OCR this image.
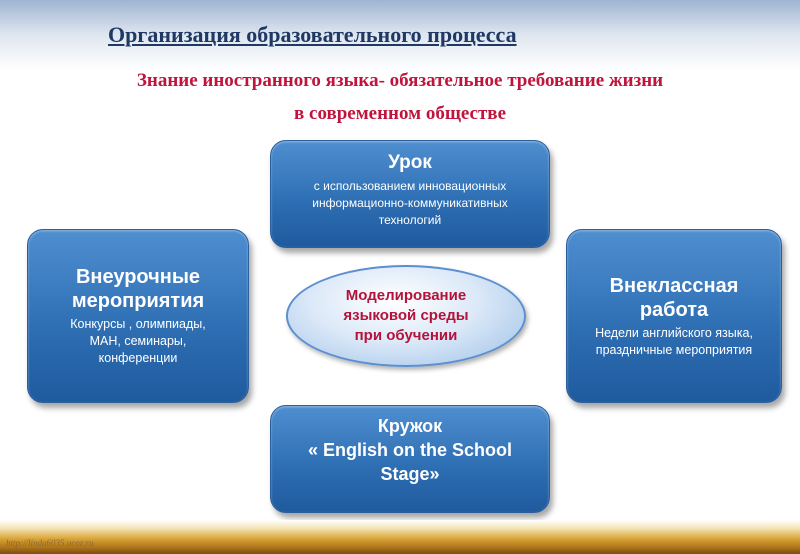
Организация образовательного процесса
Знание иностранного языка- обязательное требование жизни
в современном обществе
Урок
с использованием инновационных
информационно-коммуникативных
технологий
Внеурочные
мероприятия
Конкурсы , олимпиады,
МАН, семинары,
конференции
Внеклассная
работа
Недели английского языка,
праздничные мероприятия
Моделирование
языковой среды
при обучении
Кружок
« English on the School
Stage»
http://linda6035.ucoz.ru
